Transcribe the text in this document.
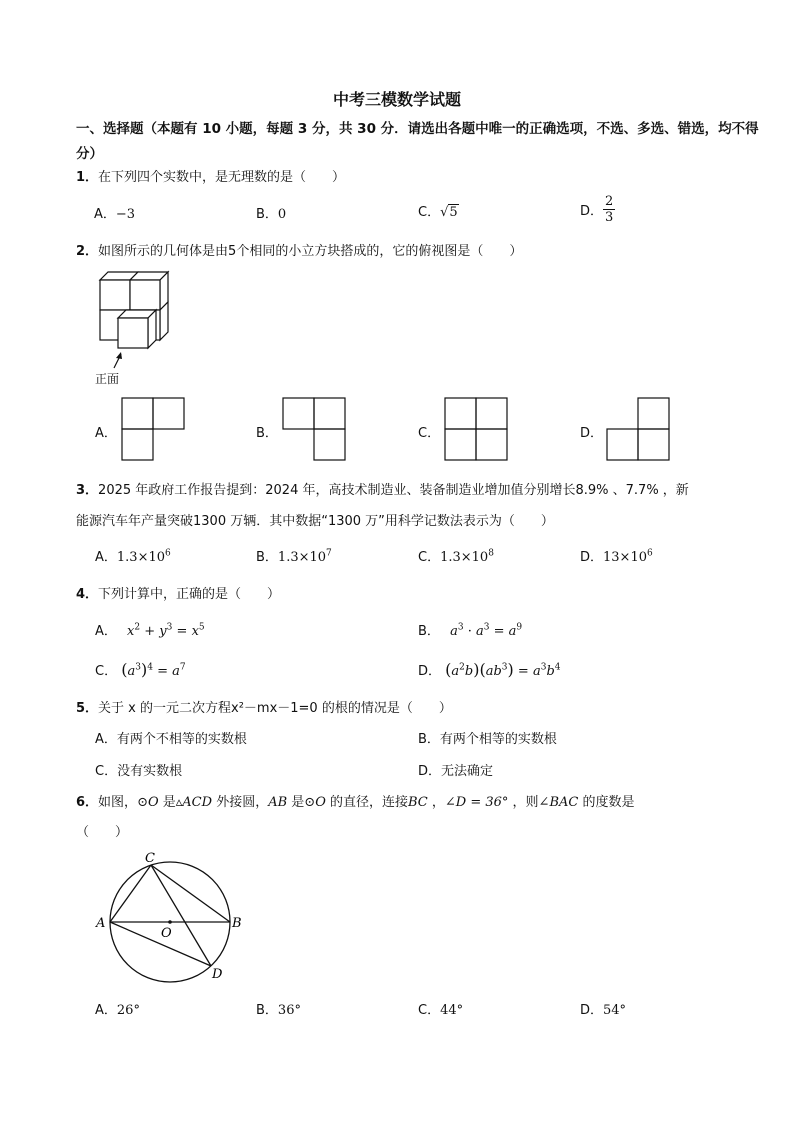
中考三模数学试题
一、选择题（本题有 10 小题，每题 3 分，共 30 分．请选出各题中唯一的正确选项，不选、多选、错选，均不得分）
1．在下列四个实数中，是无理数的是（　　）
A．−3	B．0	C．√5	D． $\frac{2}{3}$
2．如图所示的几何体是由5个相同的小立方块搭成的，它的俯视图是（　　）
正面
A．	B．	C．	D．
3．2025 年政府工作报告提到：2024 年，高技术制造业、装备制造业增加值分别增长8.9% 、7.7% ，新
能源汽车年产量突破1300 万辆．其中数据“1300 万”用科学记数法表示为（　　）
A．$1.3\times 10^6$	B．$1.3\times 10^7$	C．$1.3\times 10^8$	D．$13\times 10^6$
4．下列计算中，正确的是（　　）
A． $x^2 + y^3 = x^5$	B． $a^3 \cdot a^3 = a^9$
C． $(a^3)^4 = a^7$	D． $(a^2b)(ab^3) = a^3b^4$
5．关于 x 的一元二次方程x²－mx－1=0 的根的情况是（　　）
A．有两个不相等的实数根	B．有两个相等的实数根
C．没有实数根	D．无法确定
6．如图，⊙O 是▵ACD 外接圆，AB 是⊙O 的直径，连接BC ，∠D = 36° ，则∠BAC 的度数是
（　　）
A	B
C
D
O
A．26°	B．36°	C．44°	D．54°
